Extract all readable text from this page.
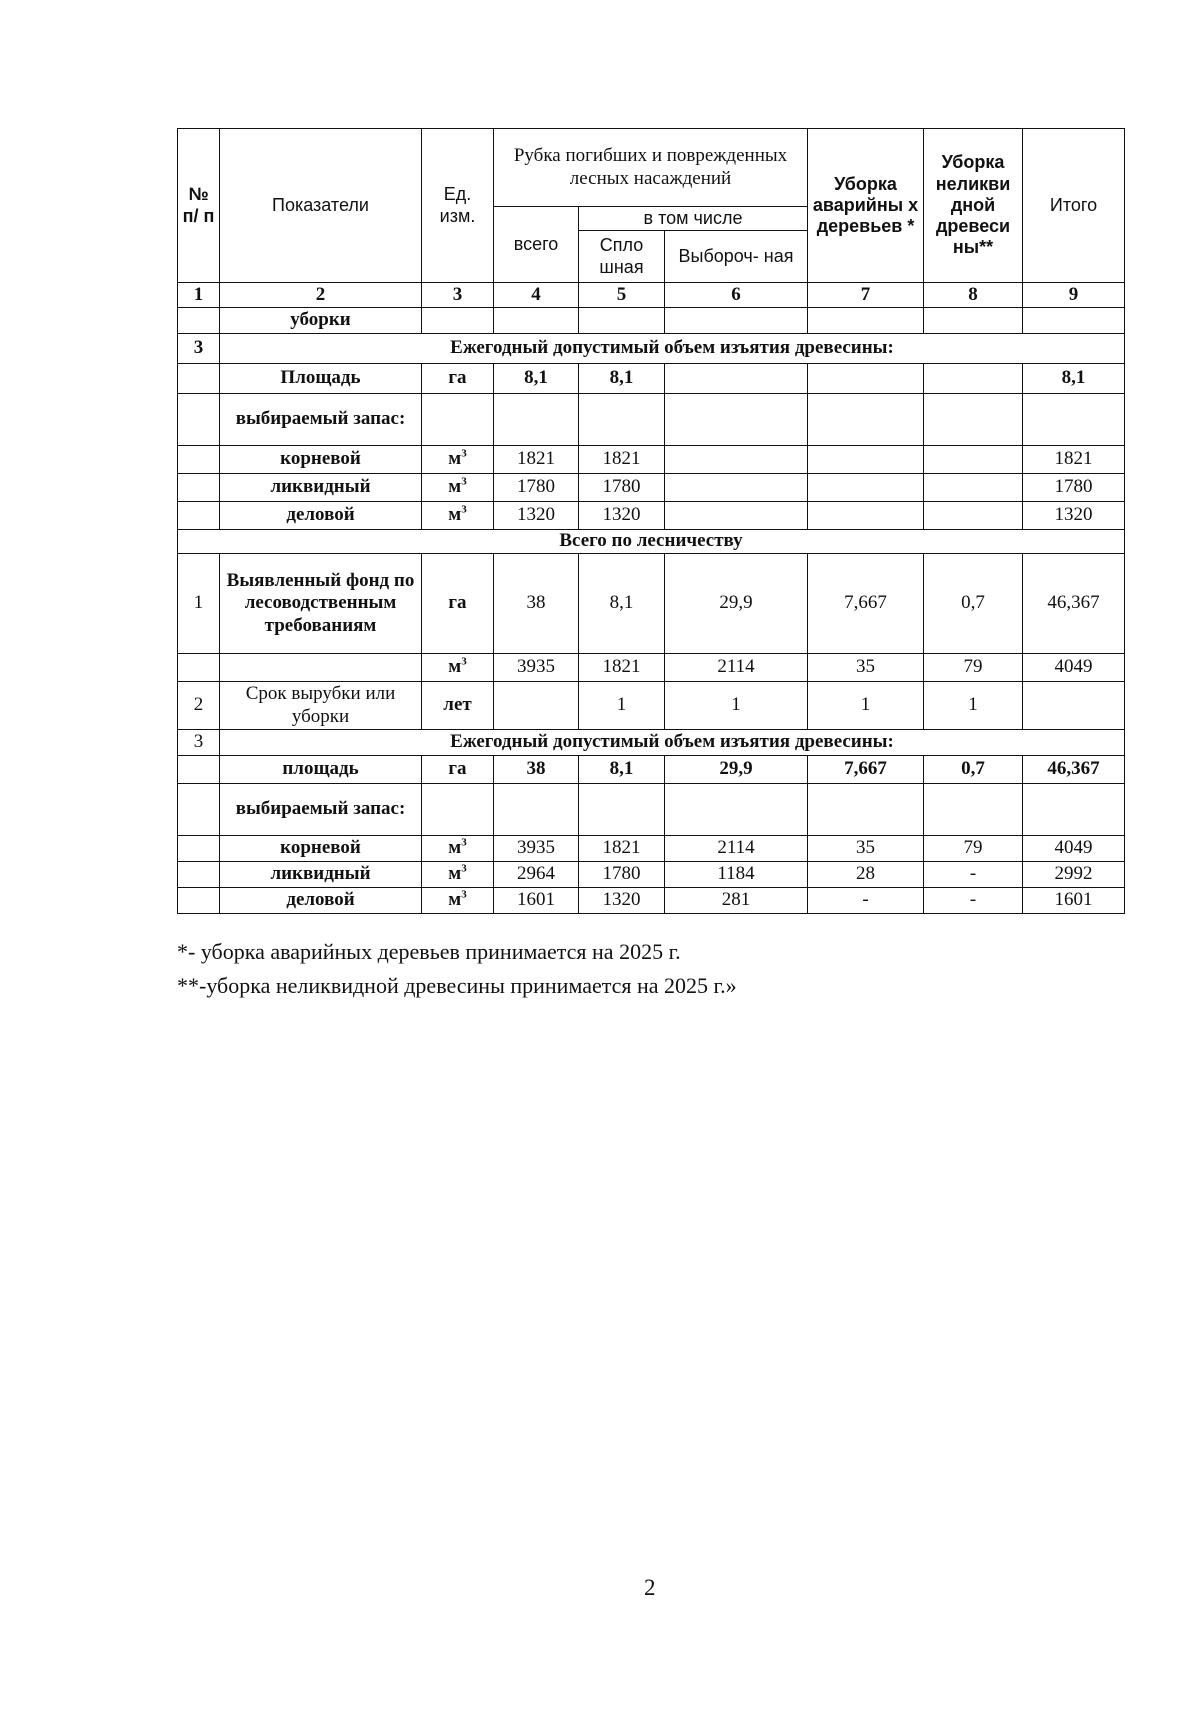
№ п/ п	Показатели	Ед. изм.	Рубка погибших и поврежденных лесных насаждений			Уборка аварийны х деревьев *	Уборка неликви дной древеси ны**	Итого
			всего	в том числе				
				Спло шная	Выбороч- ная			
1	2	3	4	5	6	7	8	9
	уборки							
3	Ежегодный допустимый объем изъятия древесины:							
	Площадь	га	8,1	8,1				8,1
	выбираемый запас:							
	корневой	$м^3$	1821	1821				1821
	ликвидный	$м^3$	1780	1780				1780
	деловой	$м^3$	1320	1320				1320
Всего по лесничеству								
1	Выявленный фонд по лесоводственным требованиям	га	38	8,1	29,9	7,667	0,7	46,367
		$м^3$	3935	1821	2114	35	79	4049
2	Срок вырубки или уборки	лет		1	1	1	1	
3	Ежегодный допустимый объем изъятия древесины:							
	площадь	га	38	8,1	29,9	7,667	0,7	46,367
	выбираемый запас:							
	корневой	$м^3$	3935	1821	2114	35	79	4049
	ликвидный	$м^3$	2964	1780	1184	28	-	2992
	деловой	$м^3$	1601	1320	281	-	-	1601
*- уборка аварийных деревьев принимается на 2025 г.
**-уборка неликвидной древесины принимается на 2025 г.»
2
